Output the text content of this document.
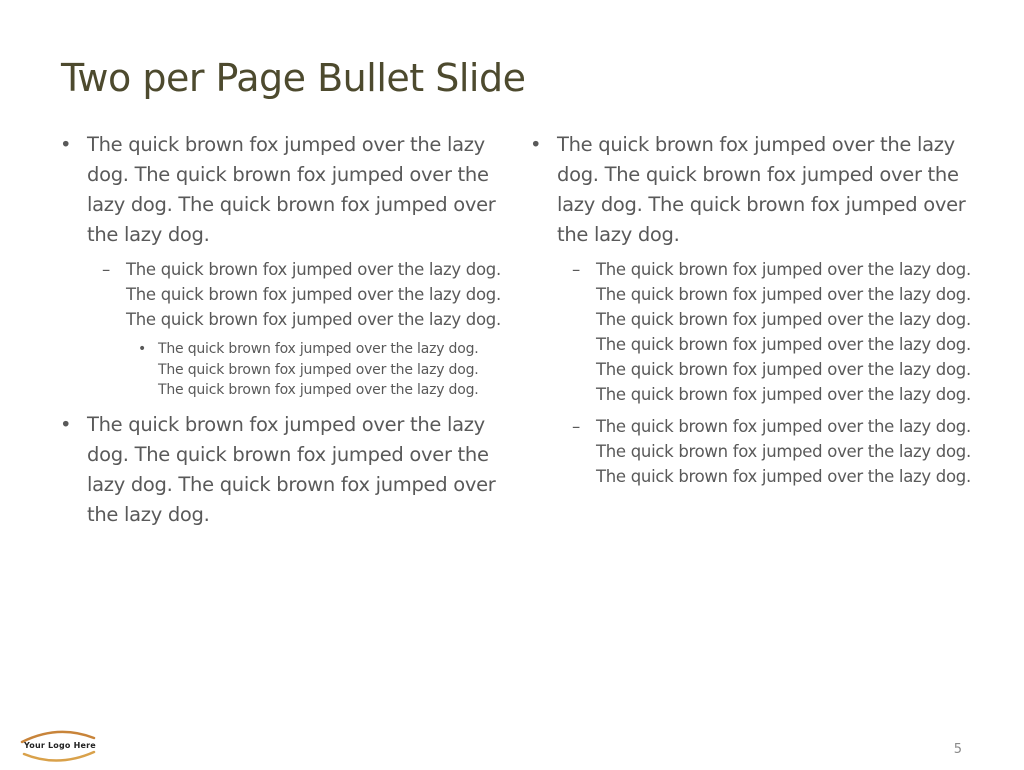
Two per Page Bullet Slide
• The quick brown fox jumped over the lazy dog. The quick brown fox jumped over the lazy dog. The quick brown fox jumped over the lazy dog.
– The quick brown fox jumped over the lazy dog. The quick brown fox jumped over the lazy dog. The quick brown fox jumped over the lazy dog.
• The quick brown fox jumped over the lazy dog. The quick brown fox jumped over the lazy dog. The quick brown fox jumped over the lazy dog.
• The quick brown fox jumped over the lazy dog. The quick brown fox jumped over the lazy dog. The quick brown fox jumped over the lazy dog.
• The quick brown fox jumped over the lazy dog. The quick brown fox jumped over the lazy dog. The quick brown fox jumped over the lazy dog.
– The quick brown fox jumped over the lazy dog. The quick brown fox jumped over the lazy dog. The quick brown fox jumped over the lazy dog. The quick brown fox jumped over the lazy dog. The quick brown fox jumped over the lazy dog. The quick brown fox jumped over the lazy dog.
– The quick brown fox jumped over the lazy dog. The quick brown fox jumped over the lazy dog. The quick brown fox jumped over the lazy dog.
Your Logo Here	5
